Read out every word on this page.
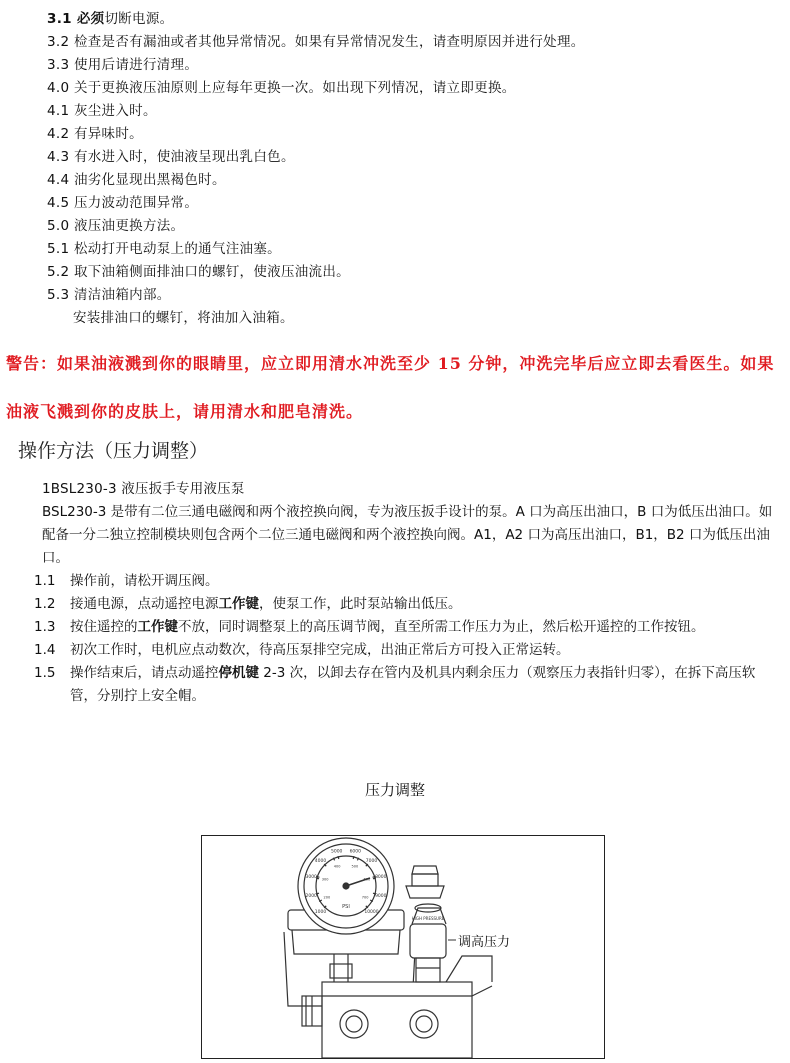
3.1 必须切断电源。
3.2 检查是否有漏油或者其他异常情况。如果有异常情况发生，请查明原因并进行处理。
3.3 使用后请进行清理。
4.0 关于更换液压油原则上应每年更换一次。如出现下列情况，请立即更换。
4.1 灰尘进入时。
4.2 有异味时。
4.3 有水进入时，使油液呈现出乳白色。
4.4 油劣化显现出黑褐色时。
4.5 压力波动范围异常。
5.0 液压油更换方法。
5.1 松动打开电动泵上的通气注油塞。
5.2 取下油箱侧面排油口的螺钉，使液压油流出。
5.3 清洁油箱内部。
安装排油口的螺钉，将油加入油箱。
警告：如果油液溅到你的眼睛里，应立即用清水冲洗至少 15 分钟，冲洗完毕后应立即去看医生。如果油液飞溅到你的皮肤上，请用清水和肥皂清洗。
操作方法（压力调整）
1BSL230-3 液压扳手专用液压泵
BSL230-3 是带有二位三通电磁阀和两个液控换向阀，专为液压扳手设计的泵。A 口为高压出油口，B 口为低压出油口。如配备一分二独立控制模块则包含两个二位三通电磁阀和两个液控换向阀。A1，A2 口为高压出油口，B1，B2 口为低压出油口。
1.1 操作前，请松开调压阀。
1.2 接通电源，点动遥控电源工作键，使泵工作，此时泵站输出低压。
1.3 按住遥控的工作键不放，同时调整泵上的高压调节阀，直至所需工作压力为止，然后松开遥控的工作按钮。
1.4 初次工作时，电机应点动数次，待高压泵排空完成，出油正常后方可投入正常运转。
1.5 操作结束后，请点动遥控停机键 2-3 次，以卸去存在管内及机具内剩余压力（观察压力表指针归零），在拆下高压软管，分别拧上安全帽。
压力调整
1000
2000
3000
4000
5000 6000
7000
8000
9000
10000
200
300
400	500
600
700
PSI
HIGH PRESSURE
调高压力
